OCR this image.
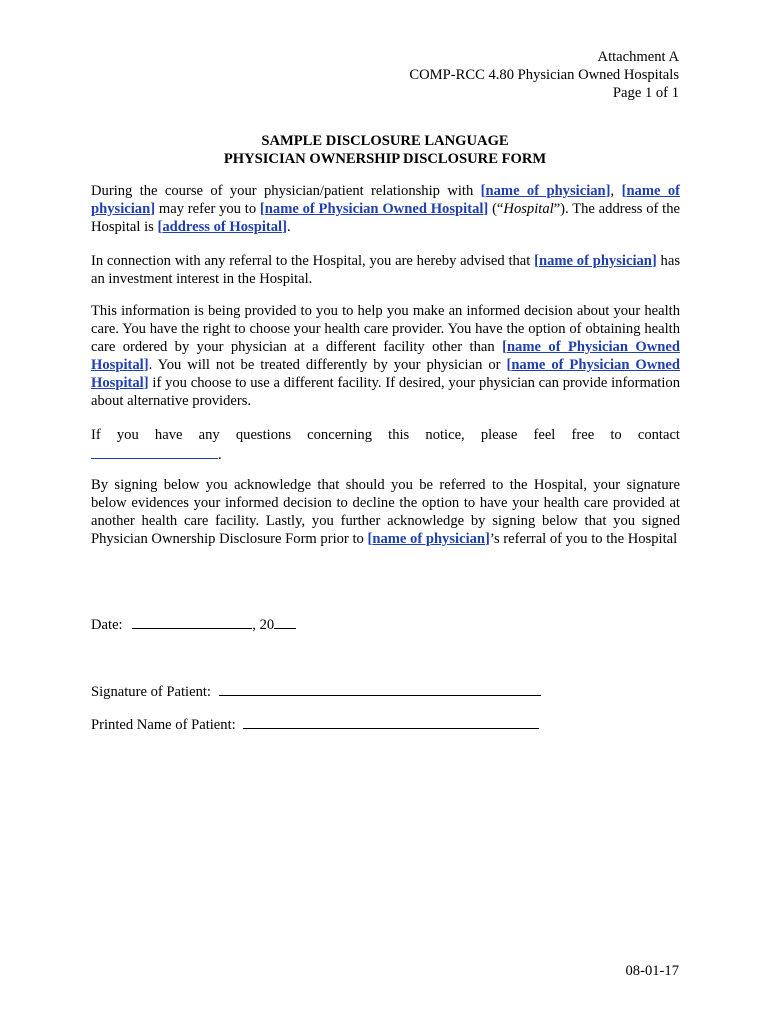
Attachment A
COMP-RCC 4.80 Physician Owned Hospitals
Page 1 of 1
SAMPLE DISCLOSURE LANGUAGE
PHYSICIAN OWNERSHIP DISCLOSURE FORM
During the course of your physician/patient relationship with [ name of physician ] , [ name of physician ] may refer you to [ name of Physician Owned Hospital ] (“Hospital”). The address of the Hospital is [ address of Hospital ] .
In connection with any referral to the Hospital, you are hereby advised that [ name of physician ] has an investment interest in the Hospital.
This information is being provided to you to help you make an informed decision about your health care. You have the right to choose your health care provider. You have the option of obtaining health care ordered by your physician at a different facility other than [ name of Physician Owned Hospital ] . You will not be treated differently by your physician or [ name of Physician Owned Hospital ] if you choose to use a different facility. If desired, your physician can provide information about alternative providers.
If you have any questions concerning this notice, please feel free to contact
.
By signing below you acknowledge that should you be referred to the Hospital, your signature below evidences your informed decision to decline the option to have your health care provided at another health care facility. Lastly, you further acknowledge by signing below that you signed Physician Ownership Disclosure Form prior to [ name of physician ] ’s referral of you to the Hospital
Date:	, 20
Signature of Patient:
Printed Name of Patient:
08-01-17
